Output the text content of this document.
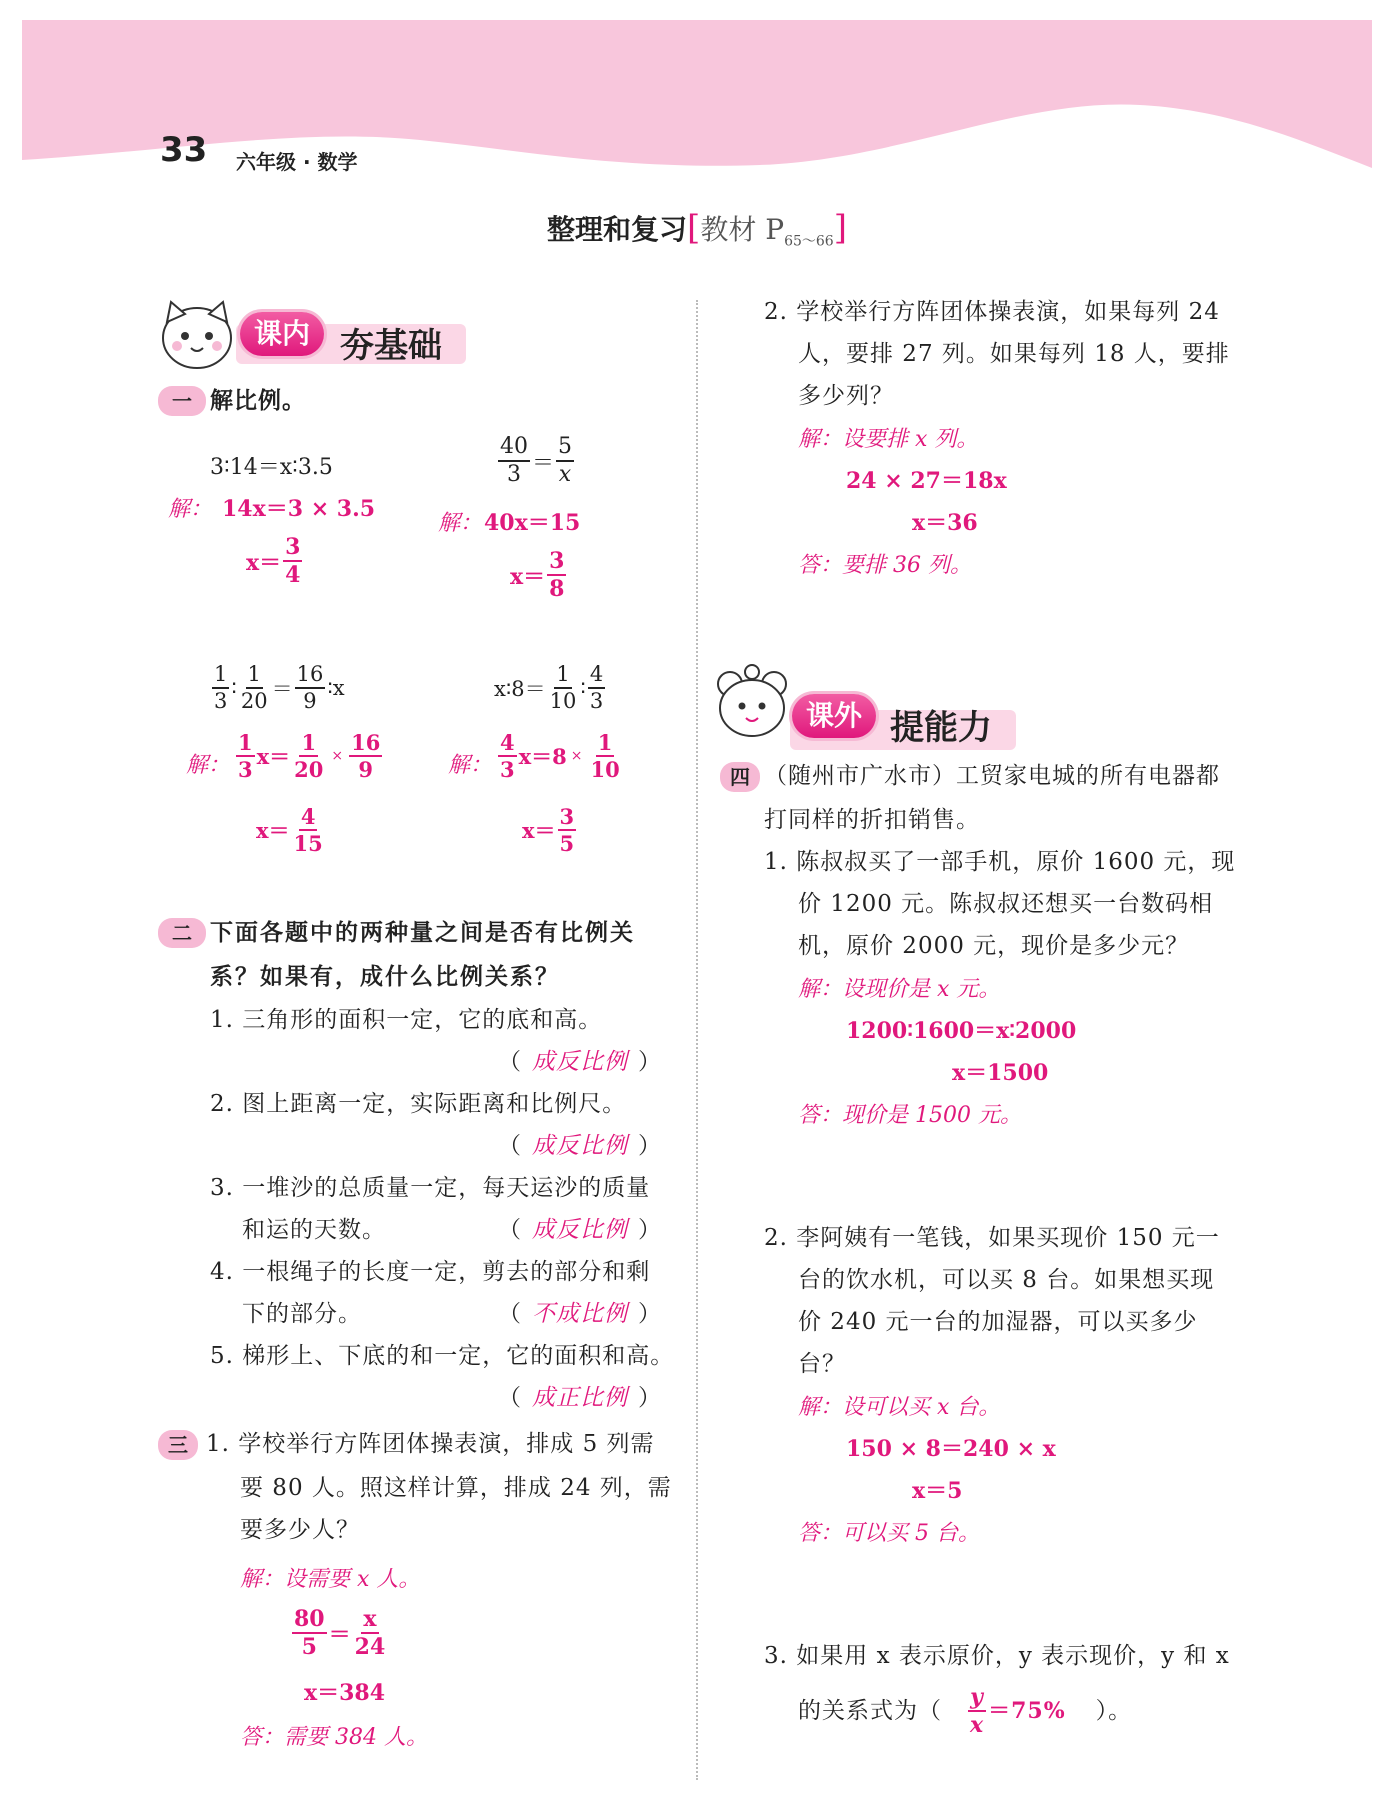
33 六年级 · 数学
整理和复习[教材 $P_{65\sim 66}$]
课内 夯基础
一 解比例。
3∶14＝x∶3.5
解： 14x＝3 × 3.5
$x= \frac{3}{4}$
$\frac{40}{3} = \frac{5}{x}$
解： 40x＝15
$x= \frac{3}{8}$
$\frac{1}{3}$ ∶ $\frac{1}{20} = \frac{16}{9}$ ∶x
解： $\frac{1}{3} x= \frac{1}{20} \times \frac{16}{9}$
$x= \frac{4}{15}$
x∶8＝ $\frac{1}{10}$ ∶ $\frac{4}{3}$
解： $\frac{4}{3} x=8 \times \frac{1}{10}$
$x= \frac{3}{5}$
二 下面各题中的两种量之间是否有比例关
系？如果有，成什么比例关系？
1. 三角形的面积一定，它的底和高。
（ 成反比例 ）
2. 图上距离一定，实际距离和比例尺。
（ 成反比例 ）
3. 一堆沙的总质量一定，每天运沙的质量
和运的天数。	（ 成反比例 ）
4. 一根绳子的长度一定，剪去的部分和剩
下的部分。	（ 不成比例 ）
5. 梯形上、下底的和一定，它的面积和高。
（ 成正比例 ）
三 1. 学校举行方阵团体操表演，排成 5 列需
要 80 人。照这样计算，排成 24 列，需
要多少人？
解：设需要 x 人。
$\frac{80}{5} = \frac{x}{24}$
x＝384
答：需要 384 人。
2. 学校举行方阵团体操表演，如果每列 24
人，要排 27 列。如果每列 18 人，要排
多少列？
解：设要排 x 列。
24 × 27＝18x
x＝36
答：要排 36 列。
课外 提能力
四 （随州市广水市）工贸家电城的所有电器都
打同样的折扣销售。
1. 陈叔叔买了一部手机，原价 1600 元，现
价 1200 元。陈叔叔还想买一台数码相
机，原价 2000 元，现价是多少元？
解：设现价是 x 元。
1200∶1600＝x∶2000
x＝1500
答：现价是 1500 元。
2. 李阿姨有一笔钱，如果买现价 150 元一
台的饮水机，可以买 8 台。如果想买现
价 240 元一台的加湿器，可以买多少
台？
解：设可以买 x 台。
150 × 8＝240 × x
x＝5
答：可以买 5 台。
3. 如果用 x 表示原价，y 表示现价，y 和 x
的关系式为（ $\frac{y}{x} =75\%$ ）。
